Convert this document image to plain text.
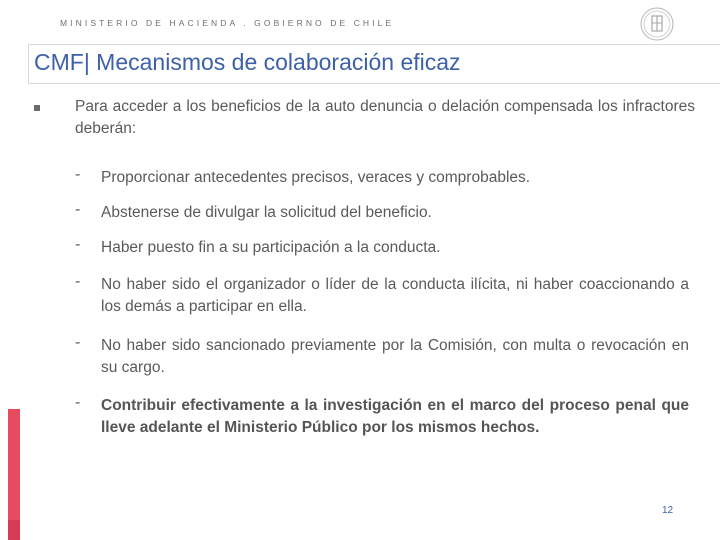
MINISTERIO DE HACIENDA . GOBIERNO DE CHILE
CMF| Mecanismos de colaboración eficaz
Para acceder a los beneficios de la auto denuncia o delación compensada los infractores deberán:
- Proporcionar antecedentes precisos, veraces y comprobables.
- Abstenerse de divulgar la solicitud del beneficio.
- Haber puesto fin a su participación a la conducta.
- No haber sido el organizador o líder de la conducta ilícita, ni haber coaccionando a los demás a participar en ella.
- No haber sido sancionado previamente por la Comisión, con multa o revocación en su cargo.
- Contribuir efectivamente a la investigación en el marco del proceso penal que lleve adelante el Ministerio Público por los mismos hechos.
12
